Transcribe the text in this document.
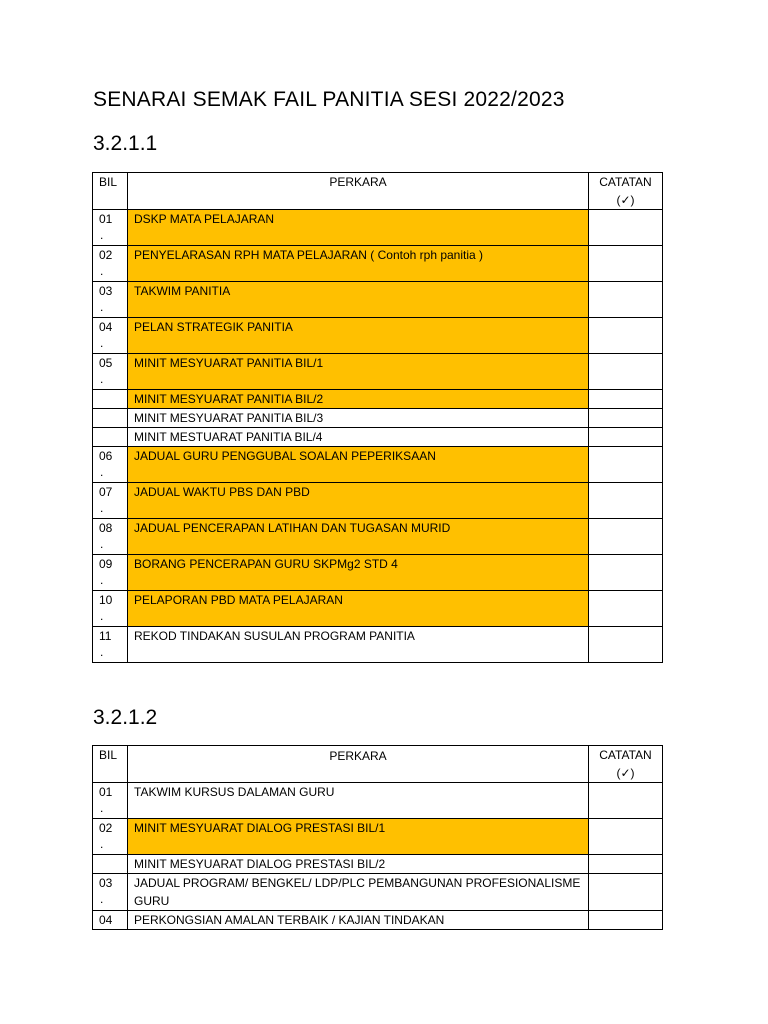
SENARAI SEMAK FAIL PANITIA SESI 2022/2023
3.2.1.1
BIL	PERKARA	CATATAN
(✓)

01
.	DSKP MATA PELAJARAN	

02
.	PENYELARASAN RPH MATA PELAJARAN ( Contoh rph panitia )	

03
.	TAKWIM PANITIA	

04
.	PELAN STRATEGIK PANITIA	

05
.	MINIT MESYUARAT PANITIA BIL/1	

	MINIT MESYUARAT PANITIA BIL/2	

	MINIT MESYUARAT PANITIA BIL/3	

	MINIT MESTUARAT PANITIA BIL/4	

06
.	JADUAL GURU PENGGUBAL SOALAN PEPERIKSAAN	

07
.	JADUAL WAKTU PBS DAN PBD	

08
.	JADUAL PENCERAPAN LATIHAN DAN TUGASAN MURID	

09
.	BORANG PENCERAPAN GURU SKPMg2 STD 4	

10
.	PELAPORAN PBD MATA PELAJARAN	

11
.	REKOD TINDAKAN SUSULAN PROGRAM PANITIA	
3.2.1.2
BIL	PERKARA	CATATAN
(✓)

01
.	TAKWIM KURSUS DALAMAN GURU	

02
.	MINIT MESYUARAT DIALOG PRESTASI BIL/1	

	MINIT MESYUARAT DIALOG PRESTASI BIL/2	

03
.	JADUAL PROGRAM/ BENGKEL/ LDP/PLC PEMBANGUNAN PROFESIONALISME GURU	

04	PERKONGSIAN AMALAN TERBAIK / KAJIAN TINDAKAN	
